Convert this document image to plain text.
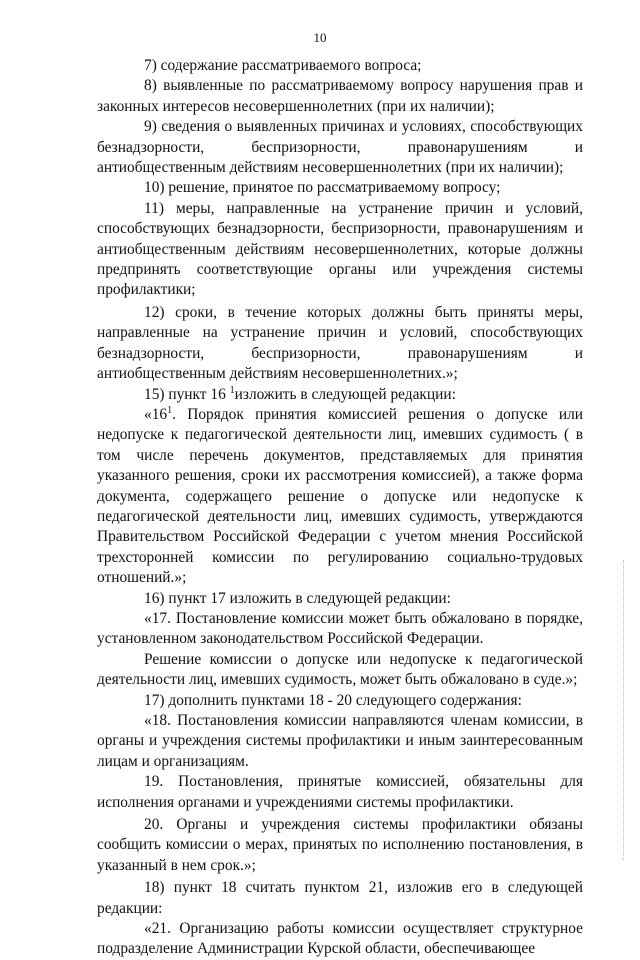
10

7) содержание рассматриваемого вопроса;

8) выявленные по рассматриваемому вопросу нарушения прав и законных интересов несовершеннолетних (при их наличии);

9) сведения о выявленных причинах и условиях, способствующих безнадзорности, беспризорности, правонарушениям и антиобщественным действиям несовершеннолетних (при их наличии);

10) решение, принятое по рассматриваемому вопросу;

11) меры, направленные на устранение причин и условий, способствующих безнадзорности, беспризорности, правонарушениям и антиобщественным действиям несовершеннолетних, которые должны предпринять соответствующие органы или учреждения системы профилактики;

12) сроки, в течение которых должны быть приняты меры, направленные на устранение причин и условий, способствующих безнадзорности, беспризорности, правонарушениям и антиобщественным действиям несовершеннолетних.»;

15) пункт 16 $^1$изложить в следующей редакции:

«$16^1$. Порядок принятия комиссией решения о допуске или недопуске к педагогической деятельности лиц, имевших судимость ( в том числе перечень документов, представляемых для принятия указанного решения, сроки их рассмотрения комиссией), а также форма документа, содержащего решение о допуске или недопуске к педагогической деятельности лиц, имевших судимость, утверждаются Правительством Российской Федерации с учетом мнения Российской трехсторонней комиссии по регулированию социально-трудовых отношений.»;

16) пункт 17 изложить в следующей редакции:

«17. Постановление комиссии может быть обжаловано в порядке, установленном законодательством Российской Федерации.

Решение комиссии о допуске или недопуске к педагогической деятельности лиц, имевших судимость, может быть обжаловано в суде.»;

17) дополнить пунктами 18 - 20 следующего содержания:

«18. Постановления комиссии направляются членам комиссии, в органы и учреждения системы профилактики и иным заинтересованным лицам и организациям.

19. Постановления, принятые комиссией, обязательны для исполнения органами и учреждениями системы профилактики.

20. Органы и учреждения системы профилактики обязаны сообщить комиссии о мерах, принятых по исполнению постановления, в указанный в нем срок.»;

18) пункт 18 считать пунктом 21, изложив его в следующей редакции:

«21. Организацию работы комиссии осуществляет структурное подразделение Администрации Курской области, обеспечивающее
